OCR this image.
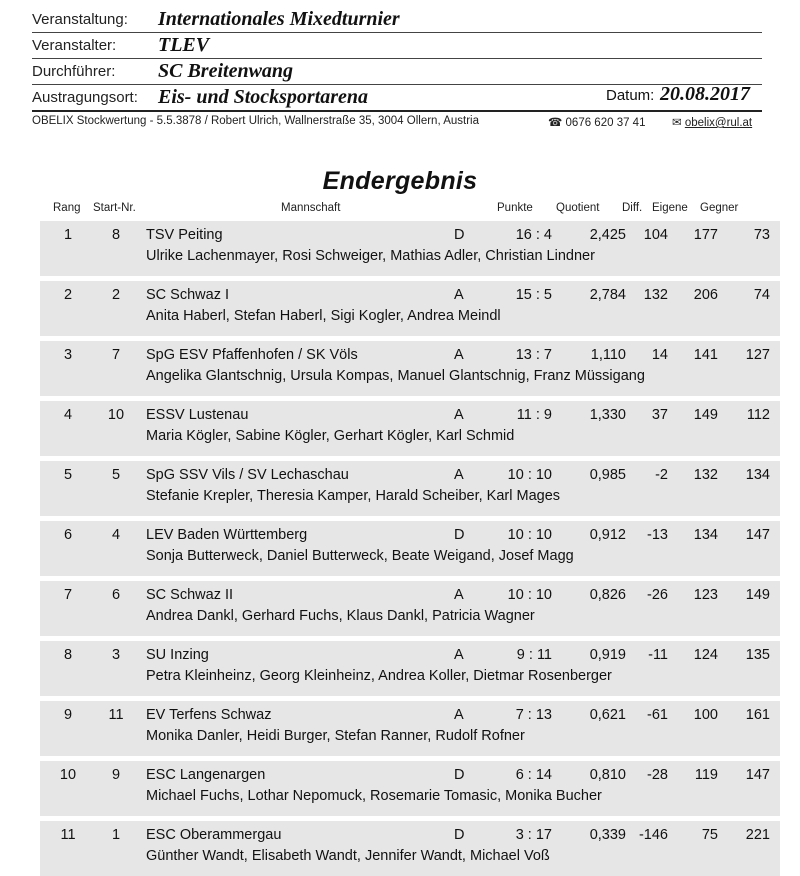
Veranstaltung: Internationales Mixedturnier
Veranstalter: TLEV
Durchführer: SC Breitenwang
Austragungsort: Eis- und Stocksportarena	Datum: 20.08.2017
OBELIX Stockwertung - 5.5.3878 / Robert Ulrich, Wallnerstraße 35, 3004 Ollern, Austria	☎ 0676 620 37 41 ✉ obelix@rul.at
Endergebnis
Rang Start-Nr.	Mannschaft	Punkte Quotient Diff. Eigene Gegner
1	8	TSV Peiting	D	16 : 4	2,425	104	177	73
Ulrike Lachenmayer, Rosi Schweiger, Mathias Adler, Christian Lindner
2	2	SC Schwaz I	A	15 : 5	2,784	132	206	74
Anita Haberl, Stefan Haberl, Sigi Kogler, Andrea Meindl
3	7	SpG ESV Pfaffenhofen / SK Völs	A	13 : 7	1,110	14	141	127
Angelika Glantschnig, Ursula Kompas, Manuel Glantschnig, Franz Müssigang
4	10	ESSV Lustenau	A	11 : 9	1,330	37	149	112
Maria Kögler, Sabine Kögler, Gerhart Kögler, Karl Schmid
5	5	SpG SSV Vils / SV Lechaschau	A	10 : 10	0,985	-2	132	134
Stefanie Krepler, Theresia Kamper, Harald Scheiber, Karl Mages
6	4	LEV Baden Württemberg	D	10 : 10	0,912	-13	134	147
Sonja Butterweck, Daniel Butterweck, Beate Weigand, Josef Magg
7	6	SC Schwaz II	A	10 : 10	0,826	-26	123	149
Andrea Dankl, Gerhard Fuchs, Klaus Dankl, Patricia Wagner
8	3	SU Inzing	A	9 : 11	0,919	-11	124	135
Petra Kleinheinz, Georg Kleinheinz, Andrea Koller, Dietmar Rosenberger
9	11	EV Terfens Schwaz	A	7 : 13	0,621	-61	100	161
Monika Danler, Heidi Burger, Stefan Ranner, Rudolf Rofner
10	9	ESC Langenargen	D	6 : 14	0,810	-28	119	147
Michael Fuchs, Lothar Nepomuck, Rosemarie Tomasic, Monika Bucher
11	1	ESC Oberammergau	D	3 : 17	0,339 -146	75	221
Günther Wandt, Elisabeth Wandt, Jennifer Wandt, Michael Voß
